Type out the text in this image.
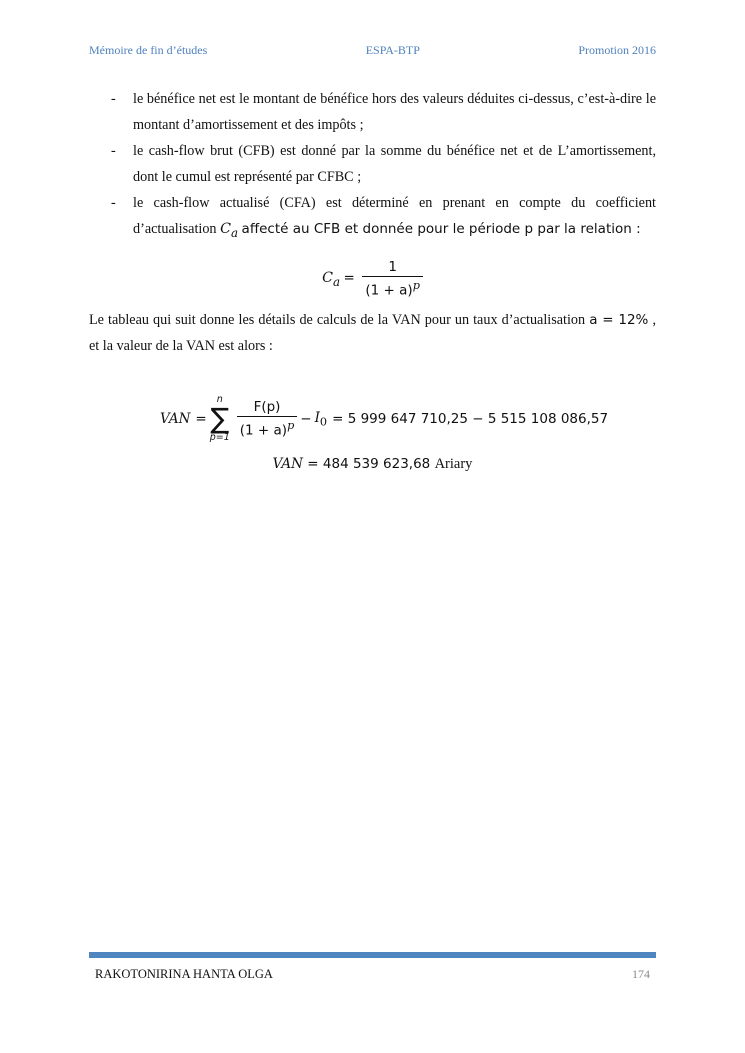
Mémoire de fin d’études	ESPA-BTP	Promotion 2016
-	le bénéfice net est le montant de bénéfice hors des valeurs déduites ci-dessus, c’est-à-dire le montant d’amortissement et des impôts ;
-	le cash-flow brut (CFB) est donné par la somme du bénéfice net et de L’amortissement, dont le cumul est représenté par CFBC ;
-	le cash-flow actualisé (CFA) est déterminé en prenant en compte du coefficient d’actualisation $C_a$ affecté au CFB et donnée pour le période p par la relation :
$C_a = \frac{1}{(1 + a)^p}$
Le tableau qui suit donne les détails de calculs de la VAN pour un taux d’actualisation a = 12% , et la valeur de la VAN est alors :
VAN =
n
∑
$p=1 \frac{F(p)}{(1 + a)^p} - I_0 = 5$ 999 647 710,25 − 5 515 108 086,57
VAN = 484 539 623,68 Ariary
RAKOTONIRINA HANTA OLGA	174
